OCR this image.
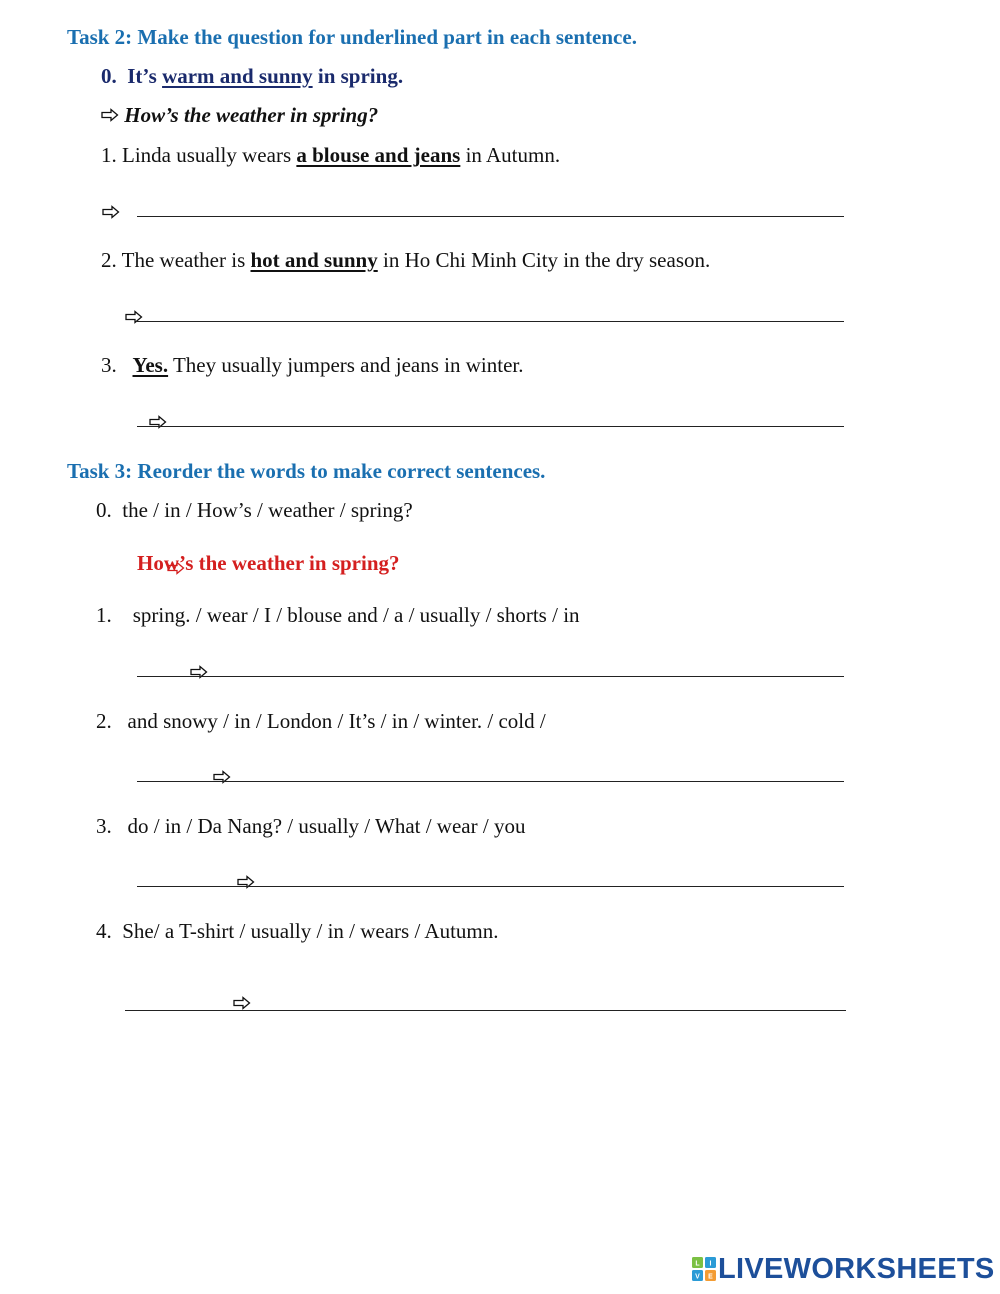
Task 2: Make the question for underlined part in each sentence.
0. It’s warm and sunny in spring.
How’s the weather in spring?
1. Linda usually wears a blouse and jeans in Autumn.

2. The weather is hot and sunny in Ho Chi Minh City in the dry season.

3. Yes. They usually jumpers and jeans in winter.

Task 3: Reorder the words to make correct sentences.
0. the / in / How’s / weather / spring?

How’s the weather in spring?
1. spring. / wear / I / blouse and / a / usually / shorts / in

2. and snowy / in / London / It’s / in / winter. / cold /

3. do / in / Da Nang? / usually / What / wear / you

4. She/ a T-shirt / usually / in / wears / Autumn.
L I
V E LIVEWORKSHEETS
